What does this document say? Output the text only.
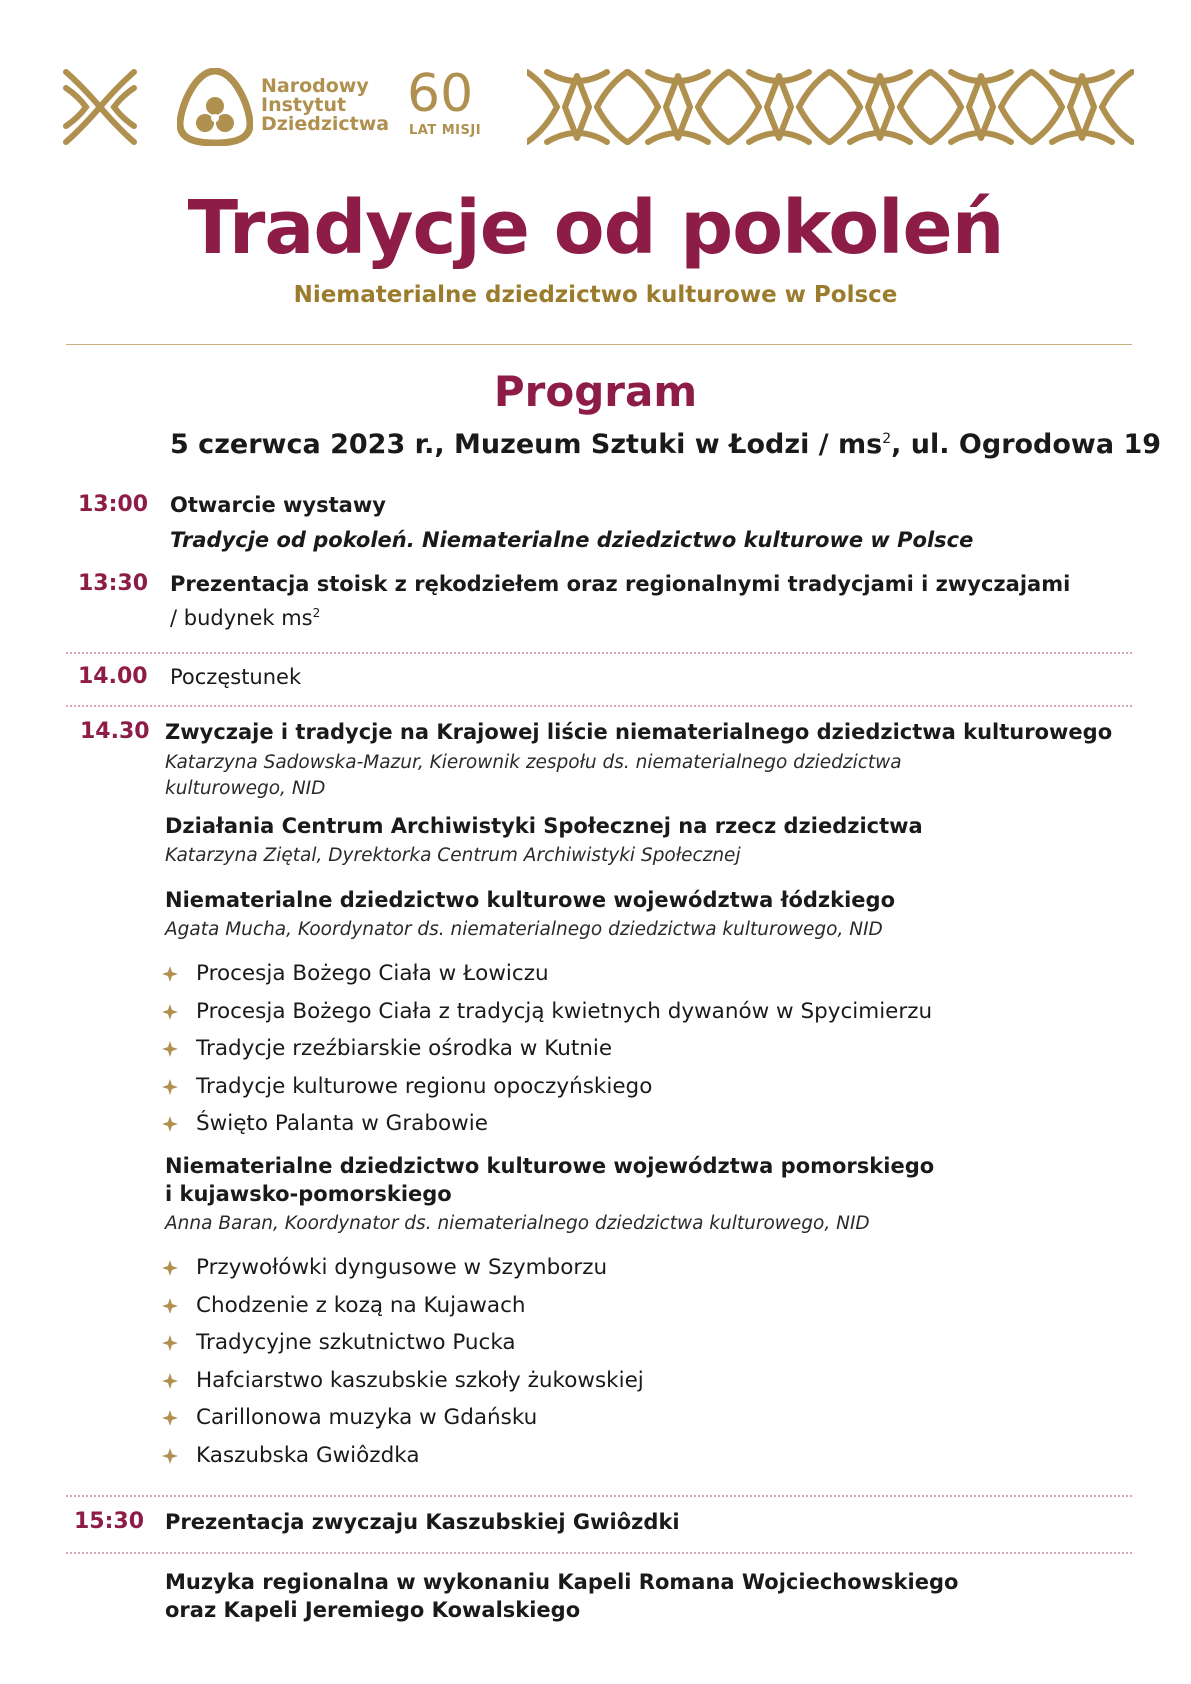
Narodowy
Instytut
Dziedzictwa 60
LAT MISJI
Tradycje od pokoleń
Niematerialne dziedzictwo kulturowe w Polsce
Program
5 czerwca 2023 r., Muzeum Sztuki w Łodzi / $ms^2$, ul. Ogrodowa 19
13:00 Otwarcie wystawy
Tradycje od pokoleń. Niematerialne dziedzictwo kulturowe w Polsce
13:30 Prezentacja stoisk z rękodziełem oraz regionalnymi tradycjami i zwyczajami
/ budynek $ms^2$
14.00 Poczęstunek
14.30 Zwyczaje i tradycje na Krajowej liście niematerialnego dziedzictwa kulturowego
Katarzyna Sadowska-Mazur, Kierownik zespołu ds. niematerialnego dziedzictwa
kulturowego, NID
Działania Centrum Archiwistyki Społecznej na rzecz dziedzictwa
Katarzyna Ziętal, Dyrektorka Centrum Archiwistyki Społecznej
Niematerialne dziedzictwo kulturowe województwa łódzkiego
Agata Mucha, Koordynator ds. niematerialnego dziedzictwa kulturowego, NID
Procesja Bożego Ciała w Łowiczu
Procesja Bożego Ciała z tradycją kwietnych dywanów w Spycimierzu
Tradycje rzeźbiarskie ośrodka w Kutnie
Tradycje kulturowe regionu opoczyńskiego
Święto Palanta w Grabowie
Niematerialne dziedzictwo kulturowe województwa pomorskiego
i kujawsko-pomorskiego
Anna Baran, Koordynator ds. niematerialnego dziedzictwa kulturowego, NID
Przywołówki dyngusowe w Szymborzu
Chodzenie z kozą na Kujawach
Tradycyjne szkutnictwo Pucka
Hafciarstwo kaszubskie szkoły żukowskiej
Carillonowa muzyka w Gdańsku
Kaszubska Gwiôzdka
15:30 Prezentacja zwyczaju Kaszubskiej Gwiôzdki
Muzyka regionalna w wykonaniu Kapeli Romana Wojciechowskiego
oraz Kapeli Jeremiego Kowalskiego
